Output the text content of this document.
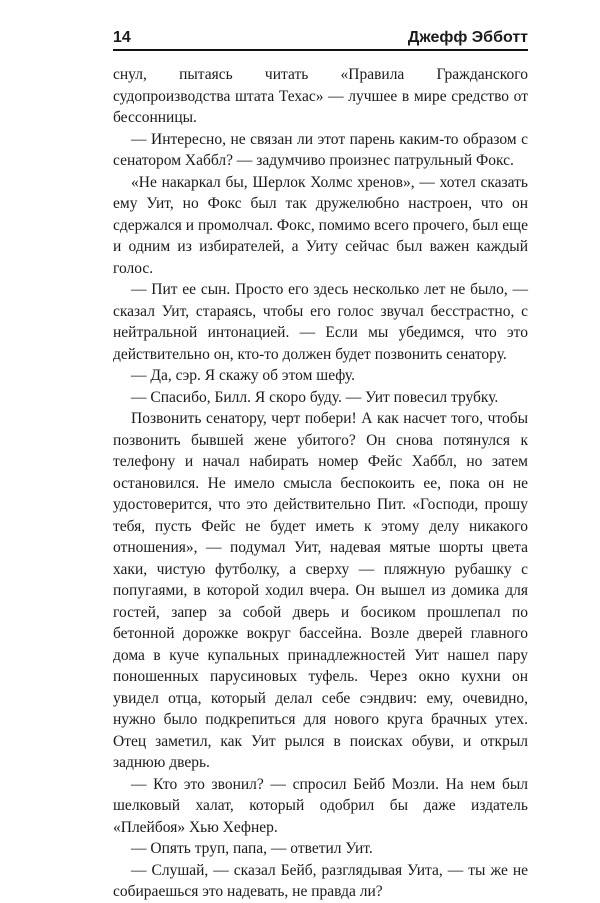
14	Джефф Эбботт

снул, пытаясь читать «Правила Гражданского судопроизводства штата Техас» — лучшее в мире средство от бессонницы.

— Интересно, не связан ли этот парень каким-то образом с сенатором Хаббл? — задумчиво произнес патрульный Фокс.

«Не накаркал бы, Шерлок Холмс хренов», — хотел сказать ему Уит, но Фокс был так дружелюбно настроен, что он сдержался и промолчал. Фокс, помимо всего прочего, был еще и одним из избирателей, а Уиту сейчас был важен каждый голос.

— Пит ее сын. Просто его здесь несколько лет не было, — сказал Уит, стараясь, чтобы его голос звучал бесстрастно, с нейтральной интонацией. — Если мы убедимся, что это действительно он, кто-то должен будет позвонить сенатору.

— Да, сэр. Я скажу об этом шефу.

— Спасибо, Билл. Я скоро буду. — Уит повесил трубку.

Позвонить сенатору, черт побери! А как насчет того, чтобы позвонить бывшей жене убитого? Он снова потянулся к телефону и начал набирать номер Фейс Хаббл, но затем остановился. Не имело смысла беспокоить ее, пока он не удостоверится, что это действительно Пит. «Господи, прошу тебя, пусть Фейс не будет иметь к этому делу никакого отношения», — подумал Уит, надевая мятые шорты цвета хаки, чистую футболку, а сверху — пляжную рубашку с попугаями, в которой ходил вчера. Он вышел из домика для гостей, запер за собой дверь и босиком прошлепал по бетонной дорожке вокруг бассейна. Возле дверей главного дома в куче купальных принадлежностей Уит нашел пару поношенных парусиновых туфель. Через окно кухни он увидел отца, который делал себе сэндвич: ему, очевидно, нужно было подкрепиться для нового круга брачных утех. Отец заметил, как Уит рылся в поисках обуви, и открыл заднюю дверь.

— Кто это звонил? — спросил Бейб Мозли. На нем был шелковый халат, который одобрил бы даже издатель «Плейбоя» Хью Хефнер.

— Опять труп, папа, — ответил Уит.

— Слушай, — сказал Бейб, разглядывая Уита, — ты же не собираешься это надевать, не правда ли?
